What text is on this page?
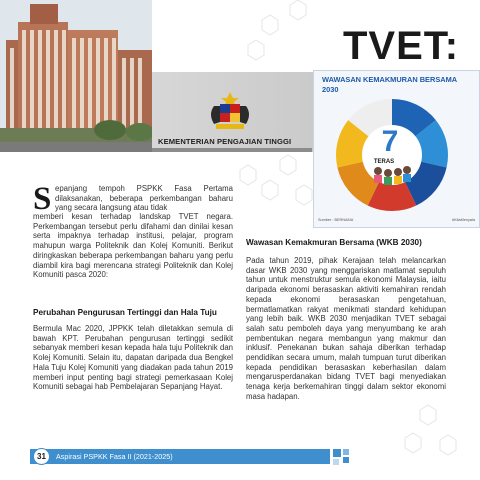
KEMENTERIAN PENGAJIAN TINGGI
TVET:
WAWASAN KEMAKMURAN BERSAMA
2030
7
TERAS
Sumber : BERNAMA	#KitaMenyala
S epanjang tempoh PSPKK Fasa Pertama dilaksanakan, beberapa perkembangan baharu yang secara langsung atau tidak
memberi kesan terhadap landskap TVET negara. Perkembangan tersebut perlu difahami dan dinilai kesan serta impaknya terhadap institusi, pelajar, program mahupun warga Politeknik dan Kolej Komuniti. Berikut diringkaskan beberapa perkembangan baharu yang perlu diambil kira bagi merencana strategi Politeknik dan Kolej Komuniti pasca 2020:
Perubahan Pengurusan Tertinggi dan Hala Tuju
Bermula Mac 2020, JPPKK telah diletakkan semula di bawah KPT. Perubahan pengurusan tertinggi sedikit sebanyak memberi kesan kepada hala tuju Politeknik dan Kolej Komuniti. Selain itu, dapatan daripada dua Bengkel Hala Tuju Kolej Komuniti yang diadakan pada tahun 2019 memberi input penting bagi strategi pemerkasaan Kolej Komuniti sebagai hab Pembelajaran Sepanjang Hayat.
Wawasan Kemakmuran Bersama (WKB 2030)
Pada tahun 2019, pihak Kerajaan telah melancarkan dasar WKB 2030 yang menggariskan matlamat sepuluh tahun untuk menstruktur semula ekonomi Malaysia, iaitu daripada ekonomi berasaskan aktiviti kemahiran rendah kepada ekonomi berasaskan pengetahuan, bermatlamatkan rakyat menikmati standard kehidupan yang lebih baik. WKB 2030 menjadikan TVET sebagai salah satu pemboleh daya yang menyumbang ke arah pembentukan negara membangun yang makmur dan inklusif. Penekanan bukan sahaja diberikan terhadap pendidikan secara umum, malah tumpuan turut diberikan kepada pendidikan berasaskan keberhasilan dalam mengarusperdanakan bidang TVET bagi menyediakan tenaga kerja berkemahiran tinggi dalam sektor ekonomi masa hadapan.
31	Aspirasi PSPKK Fasa II (2021-2025)
